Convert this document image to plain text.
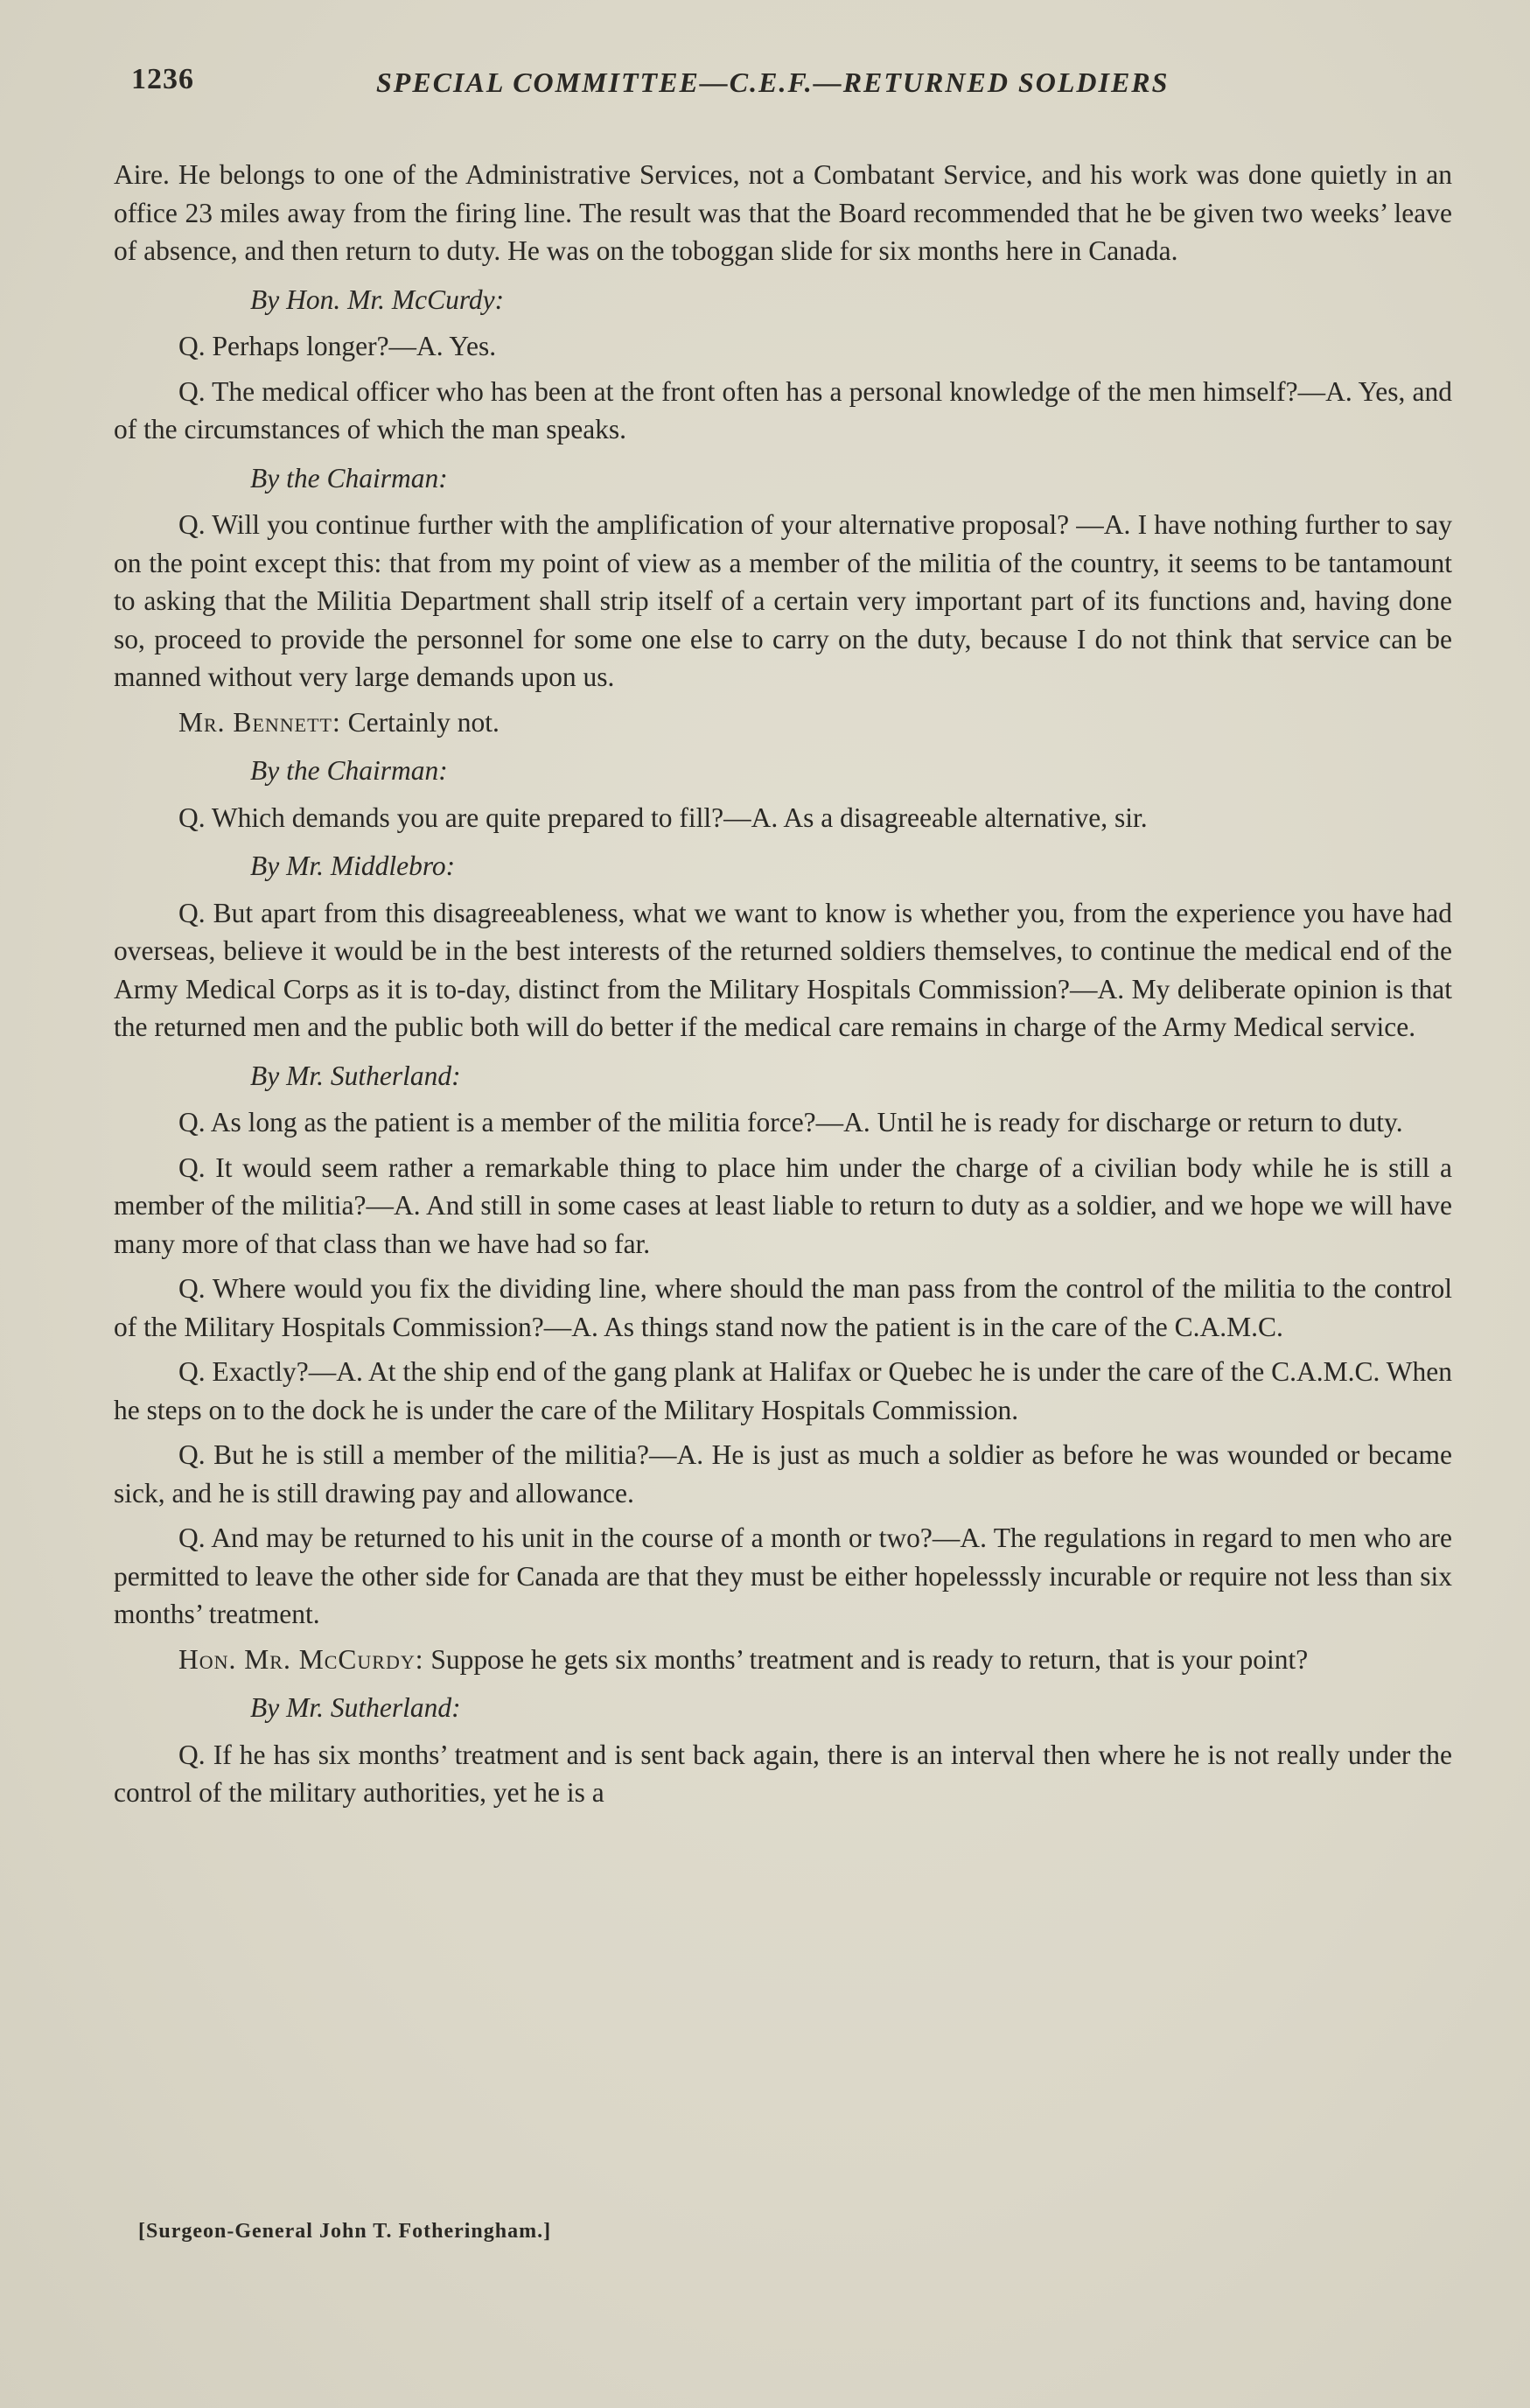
1236	SPECIAL COMMITTEE—C.E.F.—RETURNED SOLDIERS

Aire. He belongs to one of the Administrative Services, not a Combatant Service, and his work was done quietly in an office 23 miles away from the firing line. The result was that the Board recommended that he be given two weeks’ leave of absence, and then return to duty. He was on the toboggan slide for six months here in Canada.

By Hon. Mr. McCurdy:

Q. Perhaps longer?—A. Yes.

Q. The medical officer who has been at the front often has a personal knowledge of the men himself?—A. Yes, and of the circumstances of which the man speaks.

By the Chairman:

Q. Will you continue further with the amplification of your alternative proposal? —A. I have nothing further to say on the point except this: that from my point of view as a member of the militia of the country, it seems to be tantamount to asking that the Militia Department shall strip itself of a certain very important part of its functions and, having done so, proceed to provide the personnel for some one else to carry on the duty, because I do not think that service can be manned without very large demands upon us.

Mr. Bennett: Certainly not.

By the Chairman:

Q. Which demands you are quite prepared to fill?—A. As a disagreeable alternative, sir.

By Mr. Middlebro:

Q. But apart from this disagreeableness, what we want to know is whether you, from the experience you have had overseas, believe it would be in the best interests of the returned soldiers themselves, to continue the medical end of the Army Medical Corps as it is to-day, distinct from the Military Hospitals Commission?—A. My deliberate opinion is that the returned men and the public both will do better if the medical care remains in charge of the Army Medical service.

By Mr. Sutherland:

Q. As long as the patient is a member of the militia force?—A. Until he is ready for discharge or return to duty.

Q. It would seem rather a remarkable thing to place him under the charge of a civilian body while he is still a member of the militia?—A. And still in some cases at least liable to return to duty as a soldier, and we hope we will have many more of that class than we have had so far.

Q. Where would you fix the dividing line, where should the man pass from the control of the militia to the control of the Military Hospitals Commission?—A. As things stand now the patient is in the care of the C.A.M.C.

Q. Exactly?—A. At the ship end of the gang plank at Halifax or Quebec he is under the care of the C.A.M.C. When he steps on to the dock he is under the care of the Military Hospitals Commission.

Q. But he is still a member of the militia?—A. He is just as much a soldier as before he was wounded or became sick, and he is still drawing pay and allowance.

Q. And may be returned to his unit in the course of a month or two?—A. The regulations in regard to men who are permitted to leave the other side for Canada are that they must be either hopelesssly incurable or require not less than six months’ treatment.

Hon. Mr. McCurdy: Suppose he gets six months’ treatment and is ready to return, that is your point?

By Mr. Sutherland:

Q. If he has six months’ treatment and is sent back again, there is an interval then where he is not really under the control of the military authorities, yet he is a

[Surgeon-General John T. Fotheringham.]
